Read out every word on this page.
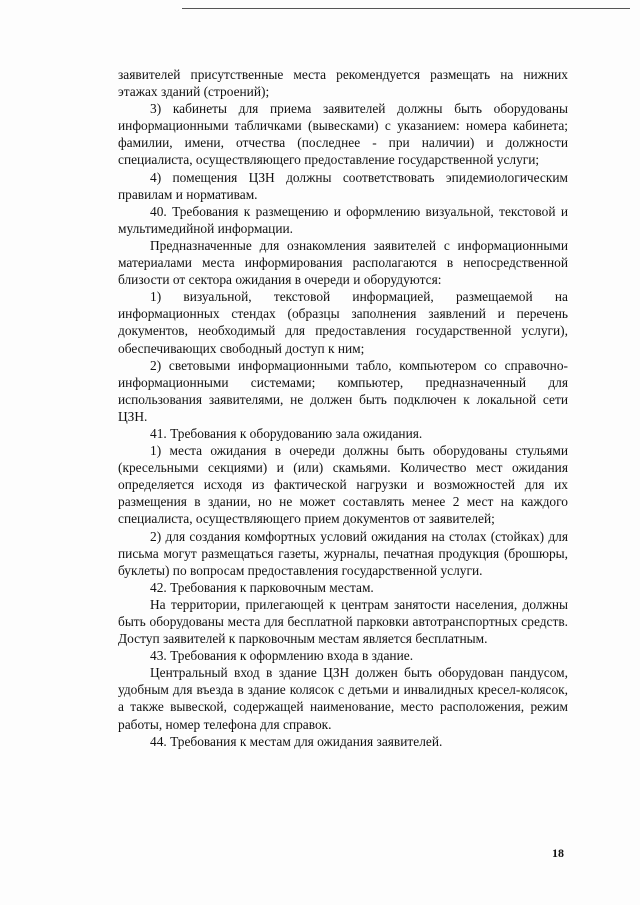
заявителей присутственные места рекомендуется размещать на нижних этажах зданий (строений);

3) кабинеты для приема заявителей должны быть оборудованы информационными табличками (вывесками) с указанием: номера кабинета; фамилии, имени, отчества (последнее - при наличии) и должности специалиста, осуществляющего предоставление государственной услуги;

4) помещения ЦЗН должны соответствовать эпидемиологическим правилам и нормативам.

40. Требования к размещению и оформлению визуальной, текстовой и мультимедийной информации.

Предназначенные для ознакомления заявителей с информационными материалами места информирования располагаются в непосредственной близости от сектора ожидания в очереди и оборудуются:

1) визуальной, текстовой информацией, размещаемой на информационных стендах (образцы заполнения заявлений и перечень документов, необходимый для предоставления государственной услуги), обеспечивающих свободный доступ к ним;

2) световыми информационными табло, компьютером со справочно-информационными системами; компьютер, предназначенный для использования заявителями, не должен быть подключен к локальной сети ЦЗН.

41. Требования к оборудованию зала ожидания.

1) места ожидания в очереди должны быть оборудованы стульями (кресельными секциями) и (или) скамьями. Количество мест ожидания определяется исходя из фактической нагрузки и возможностей для их размещения в здании, но не может составлять менее 2 мест на каждого специалиста, осуществляющего прием документов от заявителей;

2) для создания комфортных условий ожидания на столах (стойках) для письма могут размещаться газеты, журналы, печатная продукция (брошюры, буклеты) по вопросам предоставления государственной услуги.

42. Требования к парковочным местам.

На территории, прилегающей к центрам занятости населения, должны быть оборудованы места для бесплатной парковки автотранспортных средств. Доступ заявителей к парковочным местам является бесплатным.

43. Требования к оформлению входа в здание.

Центральный вход в здание ЦЗН должен быть оборудован пандусом, удобным для въезда в здание колясок с детьми и инвалидных кресел-колясок, а также вывеской, содержащей наименование, место расположения, режим работы, номер телефона для справок.

44. Требования к местам для ожидания заявителей.

18
